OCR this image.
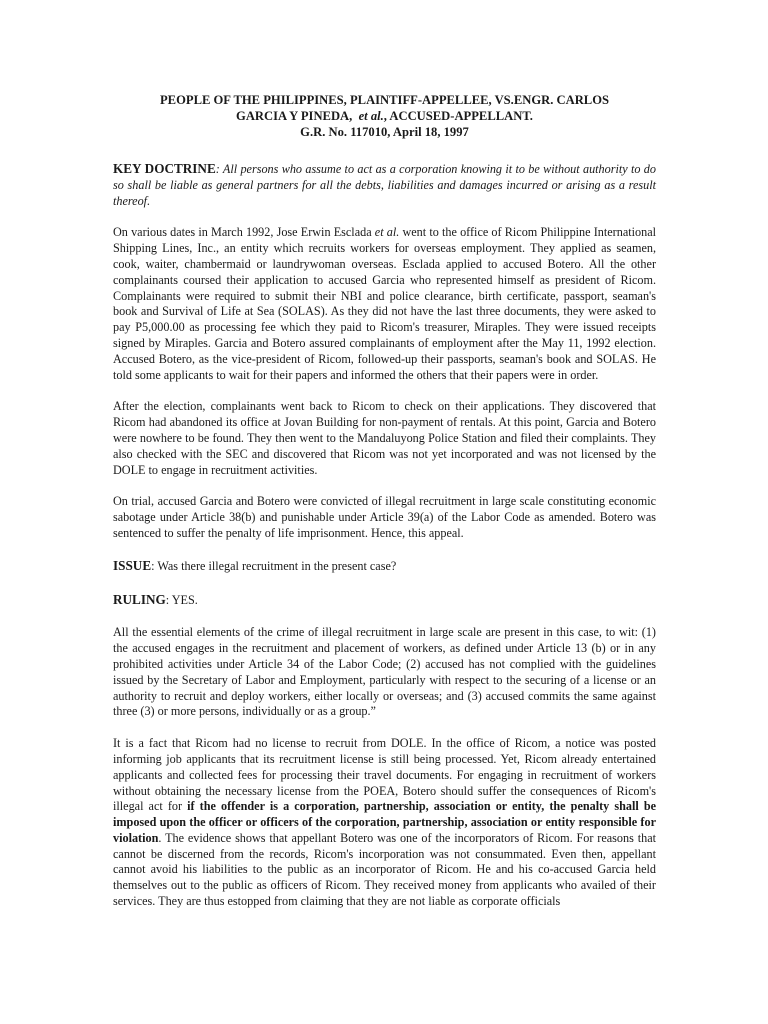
PEOPLE OF THE PHILIPPINES, PLAINTIFF-APPELLEE, VS.ENGR. CARLOS
GARCIA Y PINEDA, et al., ACCUSED-APPELLANT.
G.R. No. 117010, April 18, 1997

KEY DOCTRINE: All persons who assume to act as a corporation knowing it to be without authority to do so shall be liable as general partners for all the debts, liabilities and damages incurred or arising as a result thereof.

On various dates in March 1992, Jose Erwin Esclada et al. went to the office of Ricom Philippine International Shipping Lines, Inc., an entity which recruits workers for overseas employment. They applied as seamen, cook, waiter, chambermaid or laundrywoman overseas. Esclada applied to accused Botero. All the other complainants coursed their application to accused Garcia who represented himself as president of Ricom. Complainants were required to submit their NBI and police clearance, birth certificate, passport, seaman's book and Survival of Life at Sea (SOLAS). As they did not have the last three documents, they were asked to pay P5,000.00 as processing fee which they paid to Ricom's treasurer, Miraples. They were issued receipts signed by Miraples. Garcia and Botero assured complainants of employment after the May 11, 1992 election. Accused Botero, as the vice-president of Ricom, followed-up their passports, seaman's book and SOLAS. He told some applicants to wait for their papers and informed the others that their papers were in order.

After the election, complainants went back to Ricom to check on their applications. They discovered that Ricom had abandoned its office at Jovan Building for non-payment of rentals. At this point, Garcia and Botero were nowhere to be found. They then went to the Mandaluyong Police Station and filed their complaints. They also checked with the SEC and discovered that Ricom was not yet incorporated and was not licensed by the DOLE to engage in recruitment activities.

On trial, accused Garcia and Botero were convicted of illegal recruitment in large scale constituting economic sabotage under Article 38(b) and punishable under Article 39(a) of the Labor Code as amended. Botero was sentenced to suffer the penalty of life imprisonment. Hence, this appeal.

ISSUE: Was there illegal recruitment in the present case?

RULING: YES.

All the essential elements of the crime of illegal recruitment in large scale are present in this case, to wit: (1) the accused engages in the recruitment and placement of workers, as defined under Article 13 (b) or in any prohibited activities under Article 34 of the Labor Code; (2) accused has not complied with the guidelines issued by the Secretary of Labor and Employment, particularly with respect to the securing of a license or an authority to recruit and deploy workers, either locally or overseas; and (3) accused commits the same against three (3) or more persons, individually or as a group.”

It is a fact that Ricom had no license to recruit from DOLE. In the office of Ricom, a notice was posted informing job applicants that its recruitment license is still being processed. Yet, Ricom already entertained applicants and collected fees for processing their travel documents. For engaging in recruitment of workers without obtaining the necessary license from the POEA, Botero should suffer the consequences of Ricom's illegal act for if the offender is a corporation, partnership, association or entity, the penalty shall be imposed upon the officer or officers of the corporation, partnership, association or entity responsible for violation. The evidence shows that appellant Botero was one of the incorporators of Ricom. For reasons that cannot be discerned from the records, Ricom's incorporation was not consummated. Even then, appellant cannot avoid his liabilities to the public as an incorporator of Ricom. He and his co-accused Garcia held themselves out to the public as officers of Ricom. They received money from applicants who availed of their services. They are thus estopped from claiming that they are not liable as corporate officials
